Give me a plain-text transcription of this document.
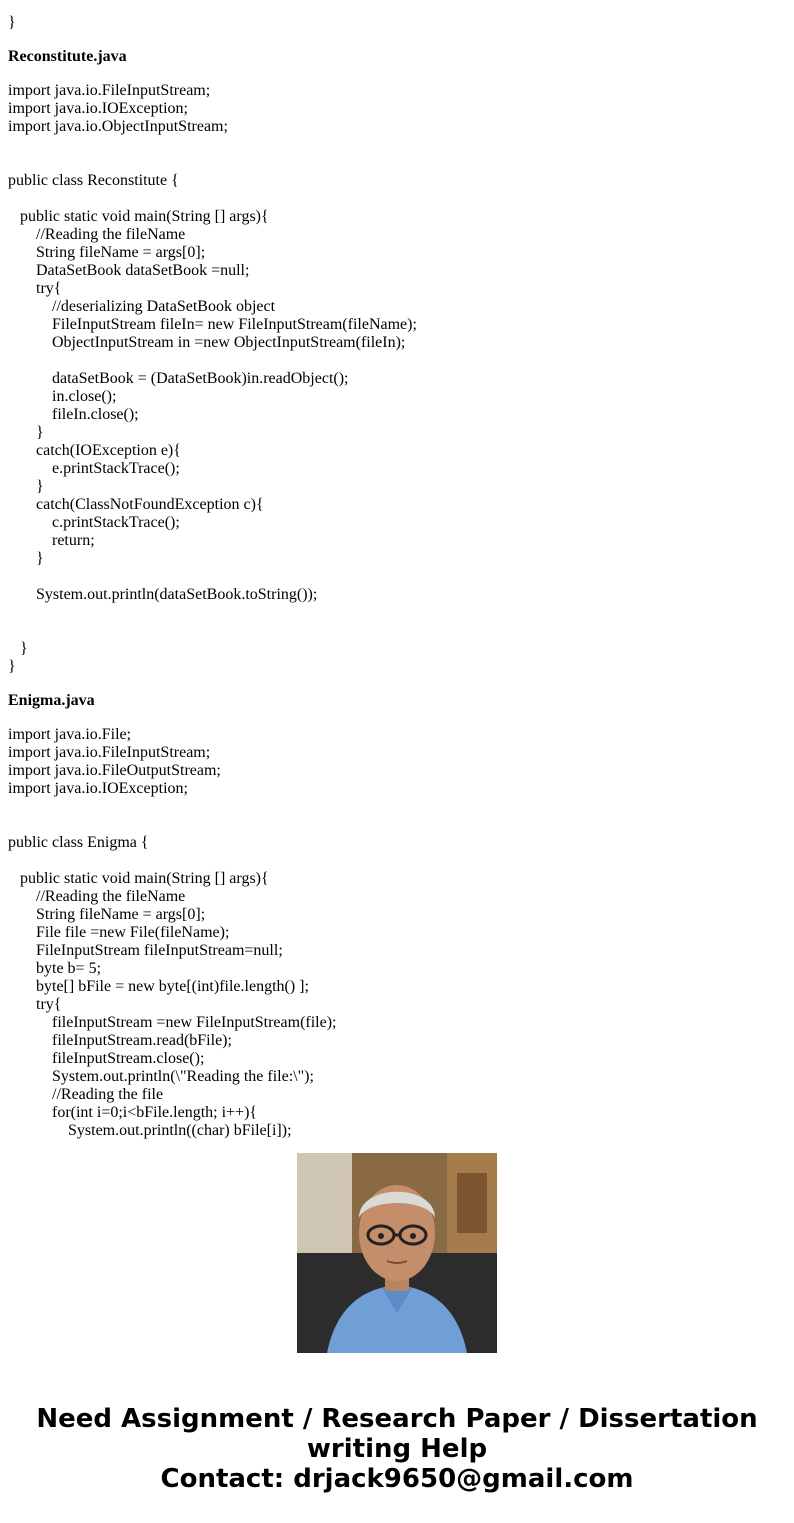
}
Reconstitute.java
import java.io.FileInputStream;
import java.io.IOException;
import java.io.ObjectInputStream;
public class Reconstitute {
public static void main(String [] args){
//Reading the fileName
String fileName = args[0];
DataSetBook dataSetBook =null;
try{
//deserializing DataSetBook object
FileInputStream fileIn= new FileInputStream(fileName);
ObjectInputStream in =new ObjectInputStream(fileIn);
dataSetBook = (DataSetBook)in.readObject();
in.close();
fileIn.close();
}
catch(IOException e){
e.printStackTrace();
}
catch(ClassNotFoundException c){
c.printStackTrace();
return;
}
System.out.println(dataSetBook.toString());
}
}
Enigma.java
import java.io.File;
import java.io.FileInputStream;
import java.io.FileOutputStream;
import java.io.IOException;
public class Enigma {
public static void main(String [] args){
//Reading the fileName
String fileName = args[0];
File file =new File(fileName);
FileInputStream fileInputStream=null;
byte b= 5;
byte[] bFile = new byte[(int)file.length() ];
try{
fileInputStream =new FileInputStream(file);
fileInputStream.read(bFile);
fileInputStream.close();
System.out.println(\"Reading the file:\");
//Reading the file
for(int i=0;i<bFile.length; i++){
System.out.println((char) bFile[i]);
Need Assignment / Research Paper / Dissertation
writing Help
Contact: drjack9650@gmail.com
